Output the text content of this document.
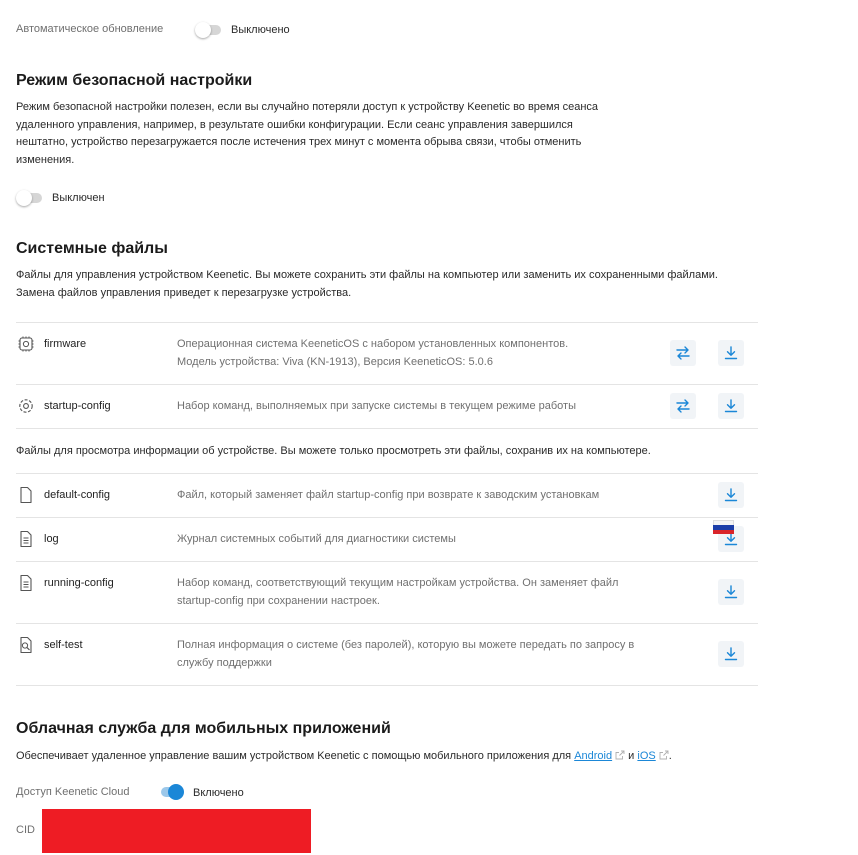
Автоматическое обновление	Выключено
Режим безопасной настройки
Режим безопасной настройки полезен, если вы случайно потеряли доступ к устройству Keenetic во время сеанса
удаленного управления, например, в результате ошибки конфигурации. Если сеанс управления завершился
нештатно, устройство перезагружается после истечения трех минут с момента обрыва связи, чтобы отменить
изменения.
Выключен
Системные файлы
Файлы для управления устройством Keenetic. Вы можете сохранить эти файлы на компьютер или заменить их сохраненными файлами.
Замена файлов управления приведет к перезагрузке устройства.
firmware	Операционная система KeeneticOS с набором установленных компонентов.
Модель устройства: Viva (KN-1913), Версия KeeneticOS: 5.0.6
startup-config	Набор команд, выполняемых при запуске системы в текущем режиме работы
Файлы для просмотра информации об устройстве. Вы можете только просмотреть эти файлы, сохранив их на компьютере.
default-config	Файл, который заменяет файл startup-config при возврате к заводским установкам
log	Журнал системных событий для диагностики системы
running-config	Набор команд, соответствующий текущим настройкам устройства. Он заменяет файл
startup-config при сохранении настроек.
self-test	Полная информация о системе (без паролей), которую вы можете передать по запросу в
службу поддержки
Облачная служба для мобильных приложений
Обеспечивает удаленное управление вашим устройством Keenetic с помощью мобильного приложения для Android и iOS .
Доступ Keenetic Cloud	Включено
CID
